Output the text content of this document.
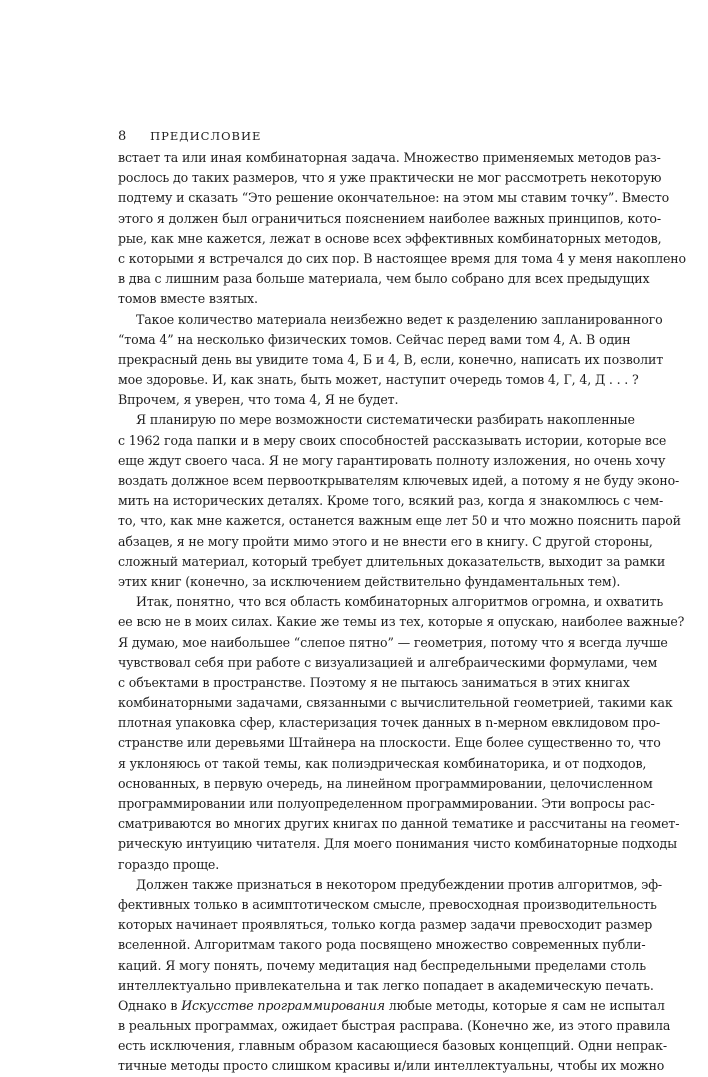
8 ПРЕДИСЛОВИЕ
встает та или иная комбинаторная задача. Множество применяемых методов раз-
рослось до таких размеров, что я уже практически не мог рассмотреть некоторую
подтему и сказать “Это решение окончательное: на этом мы ставим точку”. Вместо
этого я должен был ограничиться пояснением наиболее важных принципов, кото-
рые, как мне кажется, лежат в основе всех эффективных комбинаторных методов,
с которыми я встречался до сих пор. В настоящее время для тома 4 у меня накоплено
в два с лишним раза больше материала, чем было собрано для всех предыдущих
томов вместе взятых.
Такое количество материала неизбежно ведет к разделению запланированного
“тома 4” на несколько физических томов. Сейчас перед вами том 4, А. В один
прекрасный день вы увидите тома 4, Б и 4, В, если, конечно, написать их позволит
мое здоровье. И, как знать, быть может, наступит очередь томов 4, Г, 4, Д . . . ?
Впрочем, я уверен, что тома 4, Я не будет.
Я планирую по мере возможности систематически разбирать накопленные
с 1962 года папки и в меру своих способностей рассказывать истории, которые все
еще ждут своего часа. Я не могу гарантировать полноту изложения, но очень хочу
воздать должное всем первооткрывателям ключевых идей, а потому я не буду эконо-
мить на исторических деталях. Кроме того, всякий раз, когда я знакомлюсь с чем-
то, что, как мне кажется, останется важным еще лет 50 и что можно пояснить парой
абзацев, я не могу пройти мимо этого и не внести его в книгу. С другой стороны,
сложный материал, который требует длительных доказательств, выходит за рамки
этих книг (конечно, за исключением действительно фундаментальных тем).
Итак, понятно, что вся область комбинаторных алгоритмов огромна, и охватить
ее всю не в моих силах. Какие же темы из тех, которые я опускаю, наиболее важные?
Я думаю, мое наибольшее “слепое пятно” — геометрия, потому что я всегда лучше
чувствовал себя при работе с визуализацией и алгебраическими формулами, чем
с объектами в пространстве. Поэтому я не пытаюсь заниматься в этих книгах
комбинаторными задачами, связанными с вычислительной геометрией, такими как
плотная упаковка сфер, кластеризация точек данных в n-мерном евклидовом про-
странстве или деревьями Штайнера на плоскости. Еще более существенно то, что
я уклоняюсь от такой темы, как полиэдрическая комбинаторика, и от подходов,
основанных, в первую очередь, на линейном программировании, целочисленном
программировании или полуопределенном программировании. Эти вопросы рас-
сматриваются во многих других книгах по данной тематике и рассчитаны на геомет-
рическую интуицию читателя. Для моего понимания чисто комбинаторные подходы
гораздо проще.
Должен также признаться в некотором предубеждении против алгоритмов, эф-
фективных только в асимптотическом смысле, превосходная производительность
которых начинает проявляться, только когда размер задачи превосходит размер
вселенной. Алгоритмам такого рода посвящено множество современных публи-
каций. Я могу понять, почему медитация над беспредельными пределами столь
интеллектуально привлекательна и так легко попадает в академическую печать.
Однако в Искусстве программирования любые методы, которые я сам не испытал
в реальных программах, ожидает быстрая расправа. (Конечно же, из этого правила
есть исключения, главным образом касающиеся базовых концепций. Одни непрак-
тичные методы просто слишком красивы и/или интеллектуальны, чтобы их можно
